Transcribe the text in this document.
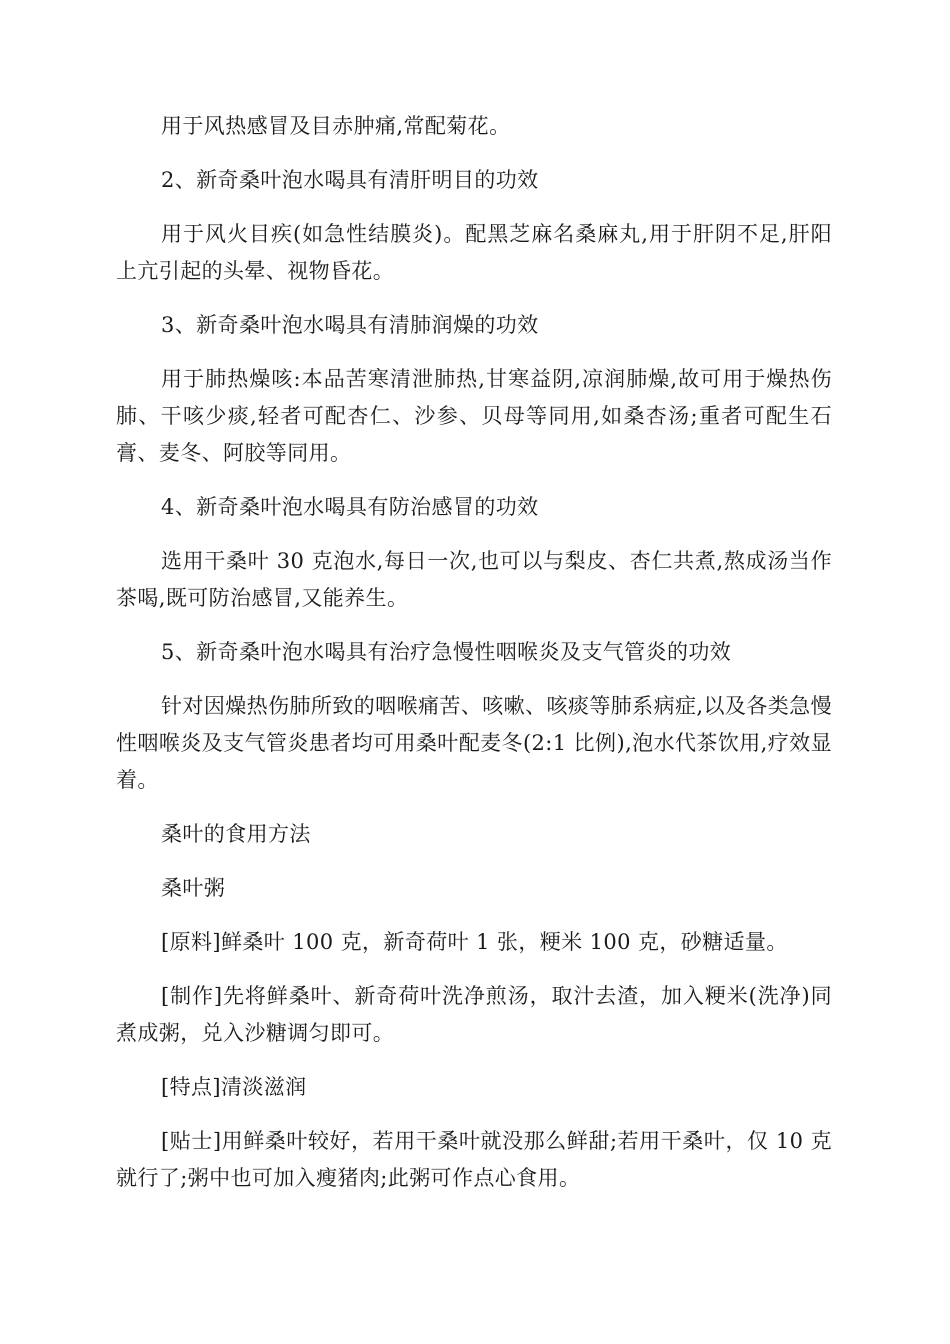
用于风热感冒及目赤肿痛,常配菊花。

2、新奇桑叶泡水喝具有清肝明目的功效

用于风火目疾(如急性结膜炎)。配黑芝麻名桑麻丸,用于肝阴不足,肝阳上亢引起的头晕、视物昏花。

3、新奇桑叶泡水喝具有清肺润燥的功效

用于肺热燥咳:本品苦寒清泄肺热,甘寒益阴,凉润肺燥,故可用于燥热伤肺、干咳少痰,轻者可配杏仁、沙参、贝母等同用,如桑杏汤;重者可配生石膏、麦冬、阿胶等同用。

4、新奇桑叶泡水喝具有防治感冒的功效

选用干桑叶 30 克泡水,每日一次,也可以与梨皮、杏仁共煮,熬成汤当作茶喝,既可防治感冒,又能养生。

5、新奇桑叶泡水喝具有治疗急慢性咽喉炎及支气管炎的功效

针对因燥热伤肺所致的咽喉痛苦、咳嗽、咳痰等肺系病症,以及各类急慢性咽喉炎及支气管炎患者均可用桑叶配麦冬(2:1 比例),泡水代茶饮用,疗效显着。

桑叶的食用方法

桑叶粥

[原料]鲜桑叶 100 克，新奇荷叶 1 张，粳米 100 克，砂糖适量。

[制作]先将鲜桑叶、新奇荷叶洗净煎汤，取汁去渣，加入粳米(洗净)同煮成粥，兑入沙糖调匀即可。

[特点]清淡滋润

[贴士]用鲜桑叶较好，若用干桑叶就没那么鲜甜;若用干桑叶，仅 10 克就行了;粥中也可加入瘦猪肉;此粥可作点心食用。
